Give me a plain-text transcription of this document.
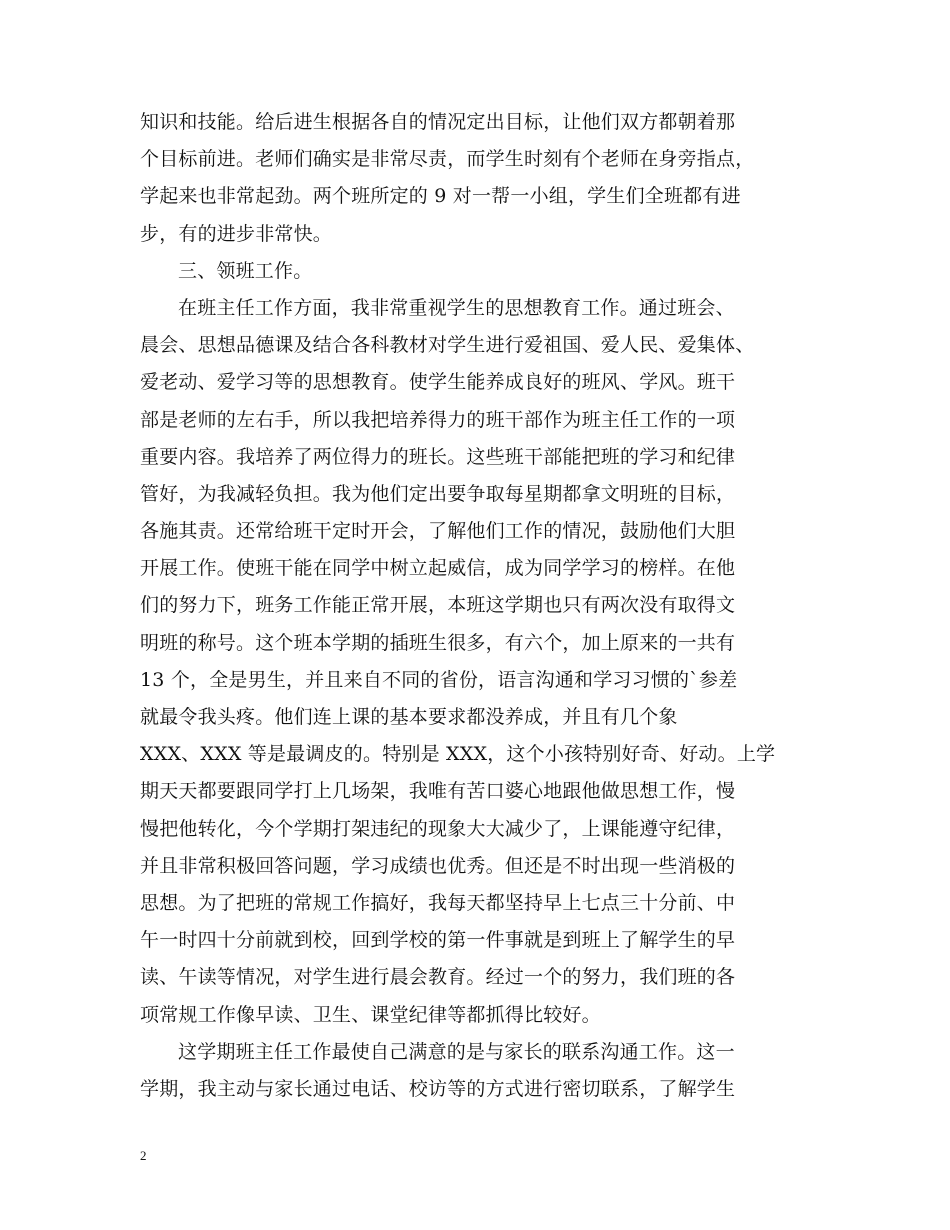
知识和技能。给后进生根据各自的情况定出目标，让他们双方都朝着那
个目标前进。老师们确实是非常尽责，而学生时刻有个老师在身旁指点，
学起来也非常起劲。两个班所定的 9 对一帮一小组，学生们全班都有进
步，有的进步非常快。
三、领班工作。
在班主任工作方面，我非常重视学生的思想教育工作。通过班会、
晨会、思想品德课及结合各科教材对学生进行爱祖国、爱人民、爱集体、
爱老动、爱学习等的思想教育。使学生能养成良好的班风、学风。班干
部是老师的左右手，所以我把培养得力的班干部作为班主任工作的一项
重要内容。我培养了两位得力的班长。这些班干部能把班的学习和纪律
管好，为我减轻负担。我为他们定出要争取每星期都拿文明班的目标，
各施其责。还常给班干定时开会，了解他们工作的情况，鼓励他们大胆
开展工作。使班干能在同学中树立起威信，成为同学学习的榜样。在他
们的努力下，班务工作能正常开展，本班这学期也只有两次没有取得文
明班的称号。这个班本学期的插班生很多，有六个，加上原来的一共有
13 个，全是男生，并且来自不同的省份，语言沟通和学习习惯的`参差
就最令我头疼。他们连上课的基本要求都没养成，并且有几个象
XXX、XXX 等是最调皮的。特别是 XXX，这个小孩特别好奇、好动。上学
期天天都要跟同学打上几场架，我唯有苦口婆心地跟他做思想工作，慢
慢把他转化，今个学期打架违纪的现象大大减少了，上课能遵守纪律，
并且非常积极回答问题，学习成绩也优秀。但还是不时出现一些消极的
思想。为了把班的常规工作搞好，我每天都坚持早上七点三十分前、中
午一时四十分前就到校，回到学校的第一件事就是到班上了解学生的早
读、午读等情况，对学生进行晨会教育。经过一个的努力，我们班的各
项常规工作像早读、卫生、课堂纪律等都抓得比较好。
这学期班主任工作最使自己满意的是与家长的联系沟通工作。这一
学期，我主动与家长通过电话、校访等的方式进行密切联系，了解学生
2
